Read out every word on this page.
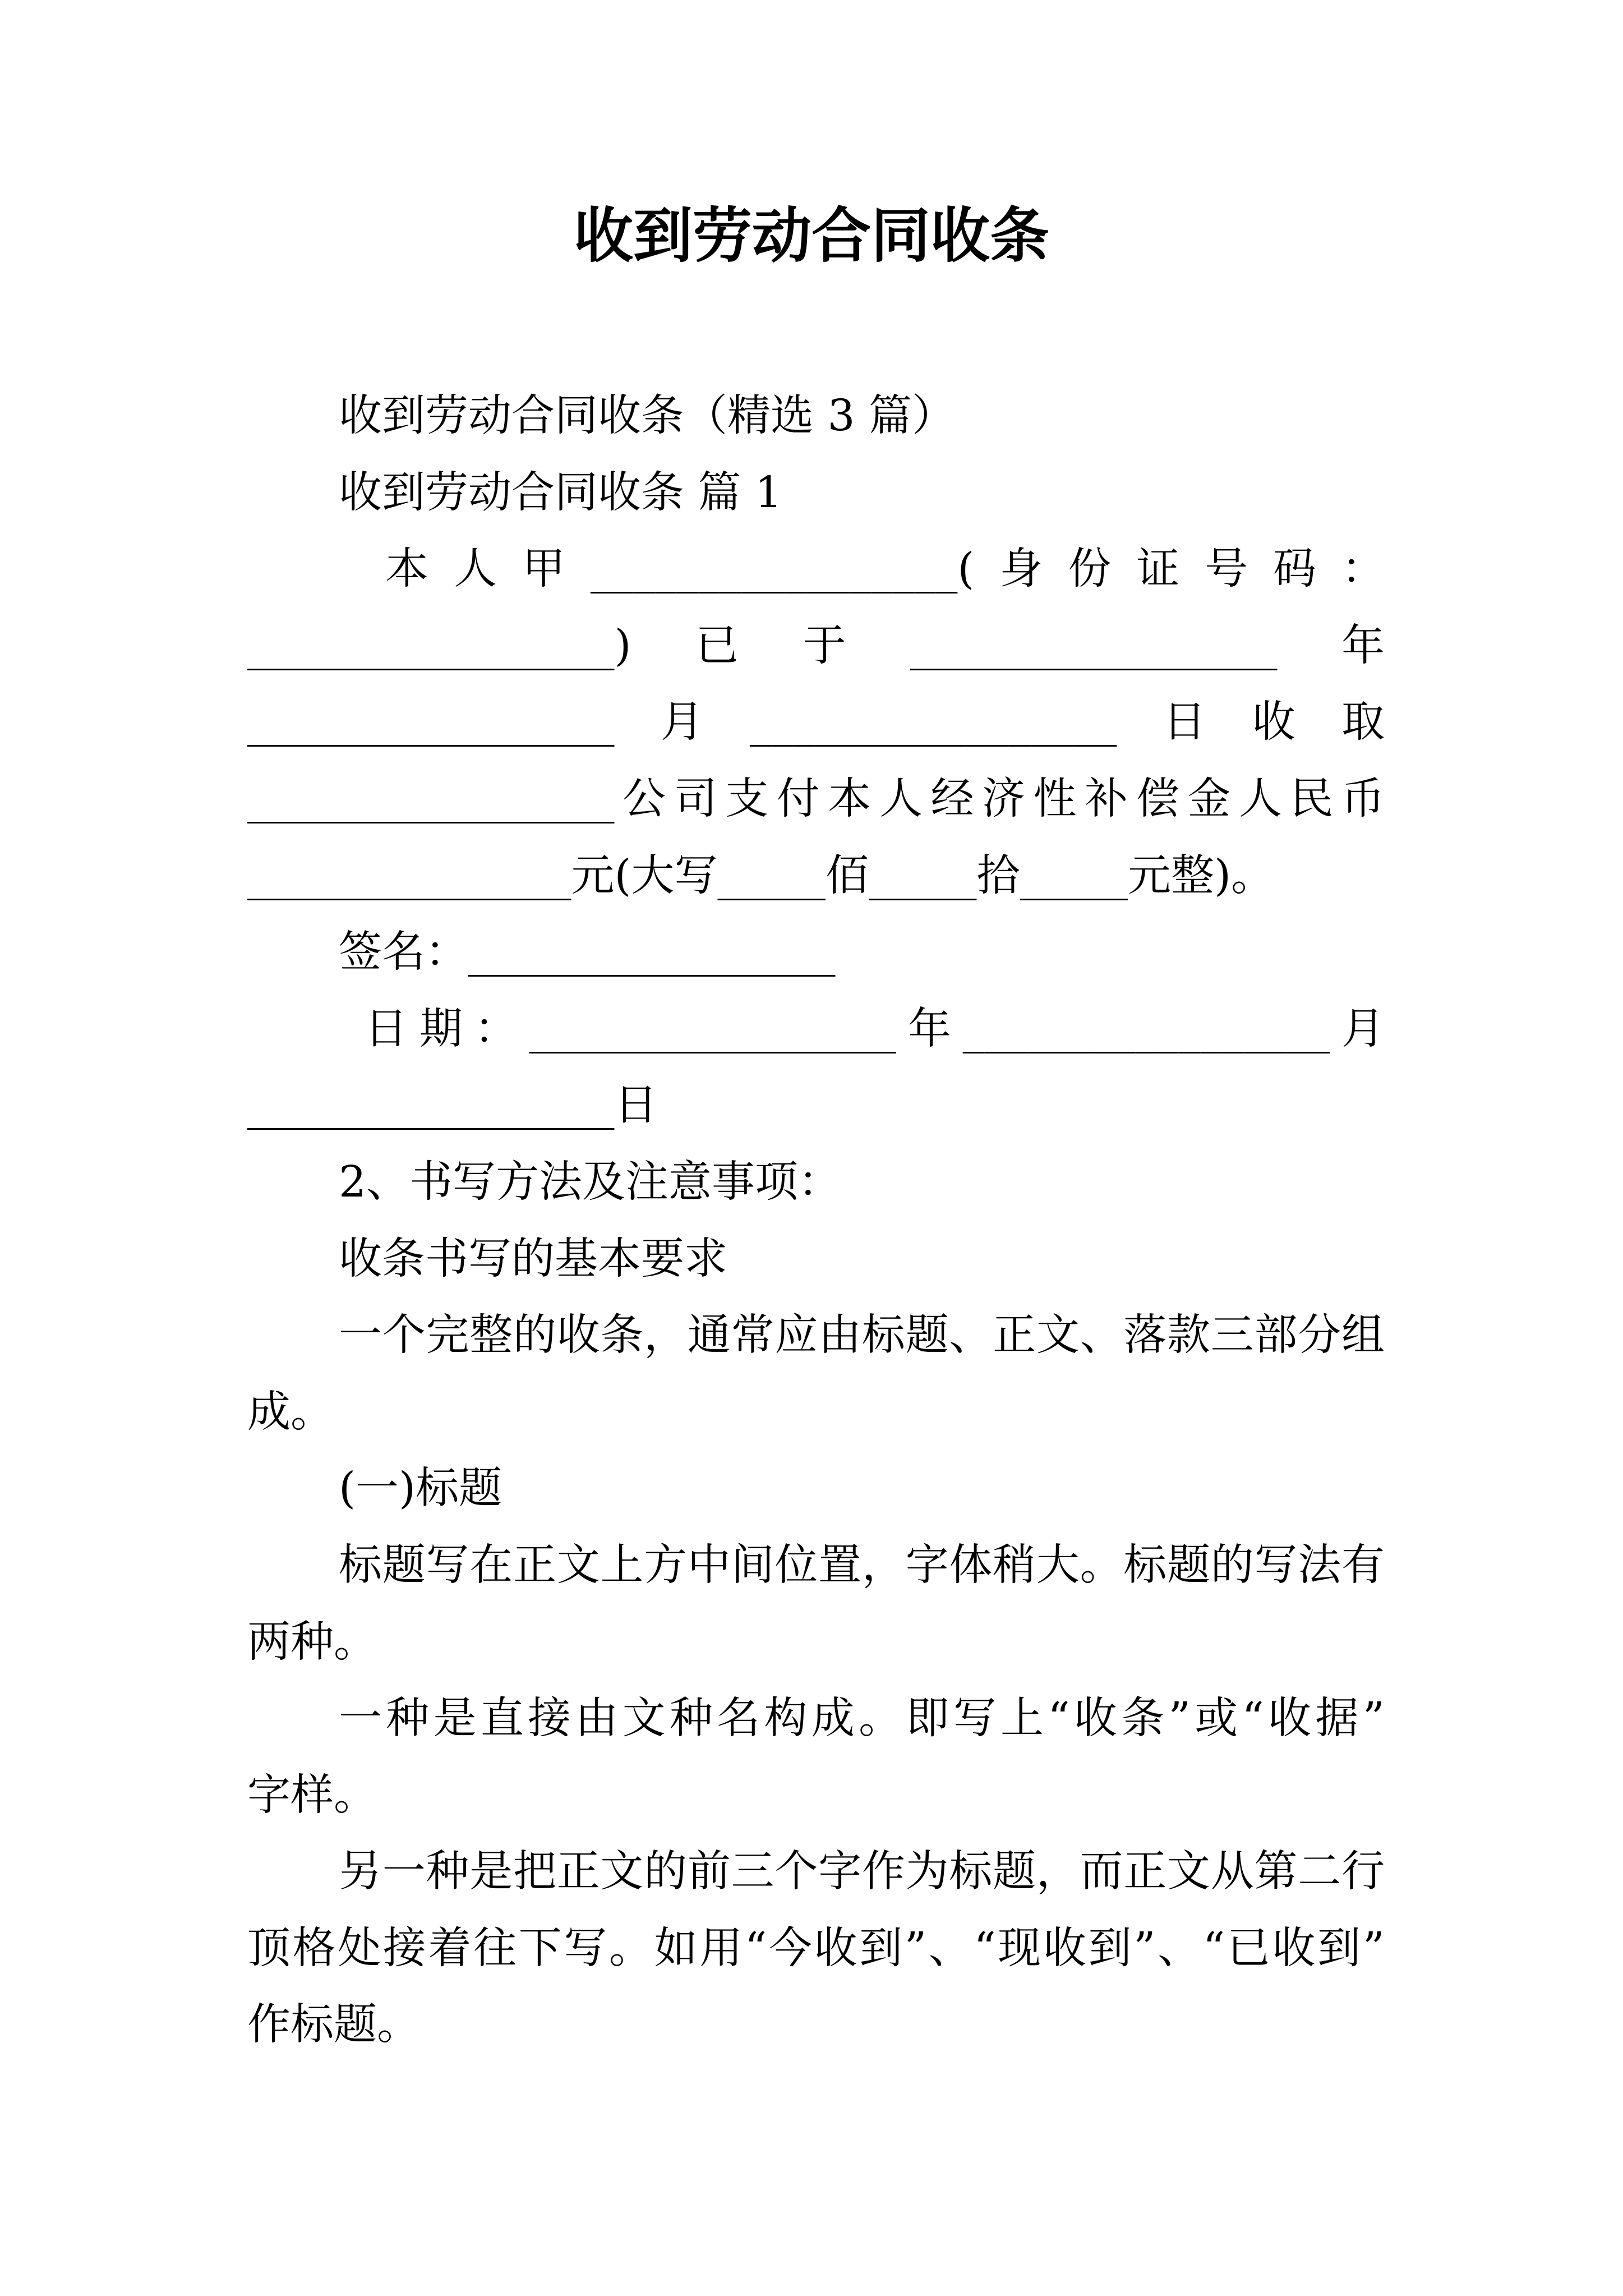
收到劳动合同收条
收到劳动合同收条（精选 3 篇）
收到劳动合同收条 篇 1
本人甲_________________(身份证号码：
_________________)已于_________________年
_________________月_________________日收取
_________________公司支付本人经济性补偿金人民币
_______________元(大写_____佰_____拾_____元整)。
签名：_________________
日期：_________________年_________________月
_________________日
2、书写方法及注意事项：
收条书写的基本要求
一个完整的收条，通常应由标题、正文、落款三部分组
成。
(一)标题
标题写在正文上方中间位置，字体稍大。标题的写法有
两种。
一种是直接由文种名构成。即写上“收条”或“收据”
字样。
另一种是把正文的前三个字作为标题，而正文从第二行
顶格处接着往下写。如用“今收到”、“现收到”、“已收到”
作标题。
